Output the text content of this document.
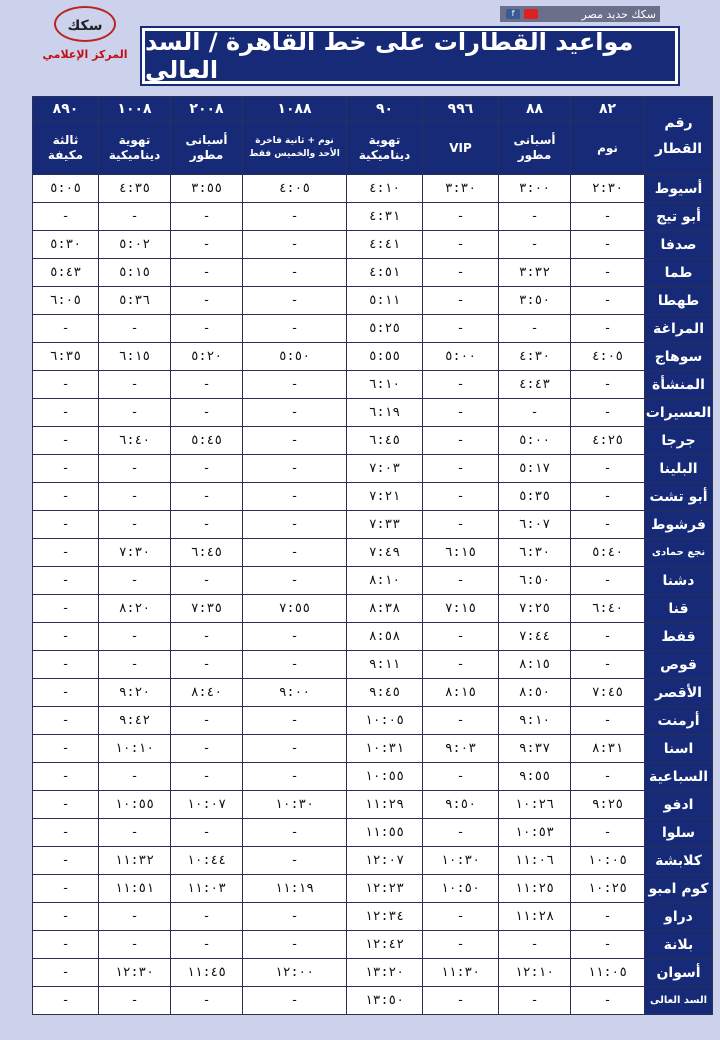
f	سكك حديد مصر
سكك
المركز الإعلامي مواعيد القطارات على خط القاهرة / السد العالى
رقم القطار	٨٢	٨٨	٩٩٦	٩٠	١٠٨٨	٢٠٠٨	١٠٠٨	٨٩٠
	نوم	أسبانى مطور	VIP	تهوية ديناميكية	نوم + ثانية فاخرة الأحد والخميس فقط	أسبانى مطور	تهوية ديناميكية	ثالثة مكيفة
أسيوط	٢:٣٠	٣:٠٠	٣:٣٠	٤:١٠	٤:٠٥	٣:٥٥	٤:٣٥	٥:٠٥
أبو تيج	-	-	-	٤:٣١	-	-	-	-
صدفا	-	-	-	٤:٤١	-	-	٥:٠٢	٥:٣٠
طما	-	٣:٣٢	-	٤:٥١	-	-	٥:١٥	٥:٤٣
طهطا	-	٣:٥٠	-	٥:١١	-	-	٥:٣٦	٦:٠٥
المراغة	-	-	-	٥:٢٥	-	-	-	-
سوهاج	٤:٠٥	٤:٣٠	٥:٠٠	٥:٥٥	٥:٥٠	٥:٢٠	٦:١٥	٦:٣٥
المنشأة	-	٤:٤٣	-	٦:١٠	-	-	-	-
العسيرات	-	-	-	٦:١٩	-	-	-	-
جرجا	٤:٢٥	٥:٠٠	-	٦:٤٥	-	٥:٤٥	٦:٤٠	-
البلينا	-	٥:١٧	-	٧:٠٣	-	-	-	-
أبو تشت	-	٥:٣٥	-	٧:٢١	-	-	-	-
فرشوط	-	٦:٠٧	-	٧:٣٣	-	-	-	-
نجع حمادى	٥:٤٠	٦:٣٠	٦:١٥	٧:٤٩	-	٦:٤٥	٧:٣٠	-
دشنا	-	٦:٥٠	-	٨:١٠	-	-	-	-
قنا	٦:٤٠	٧:٢٥	٧:١٥	٨:٣٨	٧:٥٥	٧:٣٥	٨:٢٠	-
قفط	-	٧:٤٤	-	٨:٥٨	-	-	-	-
قوص	-	٨:١٥	-	٩:١١	-	-	-	-
الأقصر	٧:٤٥	٨:٥٠	٨:١٥	٩:٤٥	٩:٠٠	٨:٤٠	٩:٢٠	-
أرمنت	-	٩:١٠	-	١٠:٠٥	-	-	٩:٤٢	-
اسنا	٨:٣١	٩:٣٧	٩:٠٣	١٠:٣١	-	-	١٠:١٠	-
السباعية	-	٩:٥٥	-	١٠:٥٥	-	-	-	-
ادفو	٩:٢٥	١٠:٢٦	٩:٥٠	١١:٢٩	١٠:٣٠	١٠:٠٧	١٠:٥٥	-
سلوا	-	١٠:٥٣	-	١١:٥٥	-	-	-	-
كلابشة	١٠:٠٥	١١:٠٦	١٠:٣٠	١٢:٠٧	-	١٠:٤٤	١١:٣٢	-
كوم امبو	١٠:٢٥	١١:٢٥	١٠:٥٠	١٢:٢٣	١١:١٩	١١:٠٣	١١:٥١	-
دراو	-	١١:٢٨	-	١٢:٣٤	-	-	-	-
بلانة	-	-	-	١٢:٤٢	-	-	-	-
أسوان	١١:٠٥	١٢:١٠	١١:٣٠	١٣:٢٠	١٢:٠٠	١١:٤٥	١٢:٣٠	-
السد العالى	-	-	-	١٣:٥٠	-	-	-	-
